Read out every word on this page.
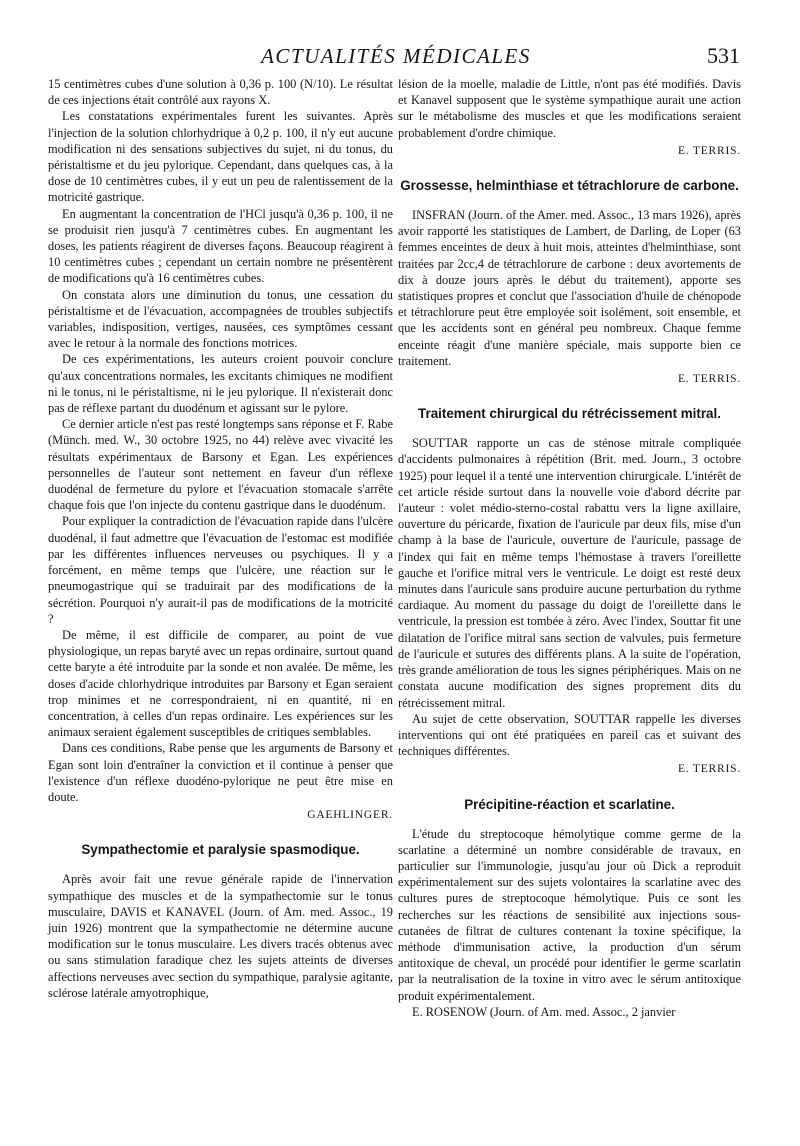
ACTUALITÉS MÉDICALES	531

15 centimètres cubes d'une solution à 0,36 p. 100 (N/10). Le résultat de ces injections était contrôlé aux rayons X.

Les constatations expérimentales furent les suivantes. Après l'injection de la solution chlorhydrique à 0,2 p. 100, il n'y eut aucune modification ni des sensations subjectives du sujet, ni du tonus, du péristaltisme et du jeu pylorique. Cependant, dans quelques cas, à la dose de 10 centimètres cubes, il y eut un peu de ralentissement de la motricité gastrique.

En augmentant la concentration de l'HCl jusqu'à 0,36 p. 100, il ne se produisit rien jusqu'à 7 centimètres cubes. En augmentant les doses, les patients réagirent de diverses façons. Beaucoup réagirent à 10 centimètres cubes ; cependant un certain nombre ne présentèrent de modifications qu'à 16 centimètres cubes.

On constata alors une diminution du tonus, une cessation du péristaltisme et de l'évacuation, accompagnées de troubles subjectifs variables, indisposition, vertiges, nausées, ces symptômes cessant avec le retour à la normale des fonctions motrices.

De ces expérimentations, les auteurs croient pouvoir conclure qu'aux concentrations normales, les excitants chimiques ne modifient ni le tonus, ni le péristaltisme, ni le jeu pylorique. Il n'existerait donc pas de réflexe partant du duodénum et agissant sur le pylore.

Ce dernier article n'est pas resté longtemps sans réponse et F. Rabe (Münch. med. W., 30 octobre 1925, no 44) relève avec vivacité les résultats expérimentaux de Barsony et Egan. Les expériences personnelles de l'auteur sont nettement en faveur d'un réflexe duodénal de fermeture du pylore et l'évacuation stomacale s'arrête chaque fois que l'on injecte du contenu gastrique dans le duodénum.

Pour expliquer la contradiction de l'évacuation rapide dans l'ulcère duodénal, il faut admettre que l'évacuation de l'estomac est modifiée par les différentes influences nerveuses ou psychiques. Il y a forcément, en même temps que l'ulcère, une réaction sur le pneumogastrique qui se traduirait par des modifications de la sécrétion. Pourquoi n'y aurait-il pas de modifications de la motricité ?

De même, il est difficile de comparer, au point de vue physiologique, un repas baryté avec un repas ordinaire, surtout quand cette baryte a été introduite par la sonde et non avalée. De même, les doses d'acide chlorhydrique introduites par Barsony et Egan seraient trop minimes et ne correspondraient, ni en quantité, ni en concentration, à celles d'un repas ordinaire. Les expériences sur les animaux seraient également susceptibles de critiques semblables.

Dans ces conditions, Rabe pense que les arguments de Barsony et Egan sont loin d'entraîner la conviction et il continue à penser que l'existence d'un réflexe duodéno-pylorique ne peut être mise en doute.

GAEHLINGER.

Sympathectomie et paralysie spasmodique.

Après avoir fait une revue générale rapide de l'innervation sympathique des muscles et de la sympathectomie sur le tonus musculaire, DAVIS et KANAVEL (Journ. of Am. med. Assoc., 19 juin 1926) montrent que la sympathectomie ne détermine aucune modification sur le tonus musculaire. Les divers tracés obtenus avec ou sans stimulation faradique chez les sujets atteints de diverses affections nerveuses avec section du sympathique, paralysie agitante, sclérose latérale amyotrophique,

lésion de la moelle, maladie de Little, n'ont pas été modifiés. Davis et Kanavel supposent que le système sympathique aurait une action sur le métabolisme des muscles et que les modifications seraient probablement d'ordre chimique.

E. TERRIS.

Grossesse, helminthiase et tétrachlorure de carbone.

INSFRAN (Journ. of the Amer. med. Assoc., 13 mars 1926), après avoir rapporté les statistiques de Lambert, de Darling, de Loper (63 femmes enceintes de deux à huit mois, atteintes d'helminthiase, sont traitées par 2cc,4 de tétrachlorure de carbone : deux avortements de dix à douze jours après le début du traitement), apporte ses statistiques propres et conclut que l'association d'huile de chénopode et tétrachlorure peut être employée soit isolément, soit ensemble, et que les accidents sont en général peu nombreux. Chaque femme enceinte réagit d'une manière spéciale, mais supporte bien ce traitement.

E. TERRIS.

Traitement chirurgical du rétrécissement mitral.

SOUTTAR rapporte un cas de sténose mitrale compliquée d'accidents pulmonaires à répétition (Brit. med. Journ., 3 octobre 1925) pour lequel il a tenté une intervention chirurgicale. L'intérêt de cet article réside surtout dans la nouvelle voie d'abord décrite par l'auteur : volet médio-sterno-costal rabattu vers la ligne axillaire, ouverture du péricarde, fixation de l'auricule par deux fils, mise d'un champ à la base de l'auricule, ouverture de l'auricule, passage de l'index qui fait en même temps l'hémostase à travers l'oreillette gauche et l'orifice mitral vers le ventricule. Le doigt est resté deux minutes dans l'auricule sans produire aucune perturbation du rythme cardiaque. Au moment du passage du doigt de l'oreillette dans le ventricule, la pression est tombée à zéro. Avec l'index, Souttar fit une dilatation de l'orifice mitral sans section de valvules, puis fermeture de l'auricule et sutures des différents plans. A la suite de l'opération, très grande amélioration de tous les signes périphériques. Mais on ne constata aucune modification des signes proprement dits du rétrécissement mitral.

Au sujet de cette observation, SOUTTAR rappelle les diverses interventions qui ont été pratiquées en pareil cas et suivant des techniques différentes.

E. TERRIS.

Précipitine-réaction et scarlatine.

L'étude du streptocoque hémolytique comme germe de la scarlatine a déterminé un nombre considérable de travaux, en particulier sur l'immunologie, jusqu'au jour où Dick a reproduit expérimentalement sur des sujets volontaires la scarlatine avec des cultures pures de streptocoque hémolytique. Puis ce sont les recherches sur les réactions de sensibilité aux injections sous-cutanées de filtrat de cultures contenant la toxine spécifique, la méthode d'immunisation active, la production d'un sérum antitoxique de cheval, un procédé pour identifier le germe scarlatin par la neutralisation de la toxine in vitro avec le sérum antitoxique produit expérimentalement.

E. ROSENOW (Journ. of Am. med. Assoc., 2 janvier
